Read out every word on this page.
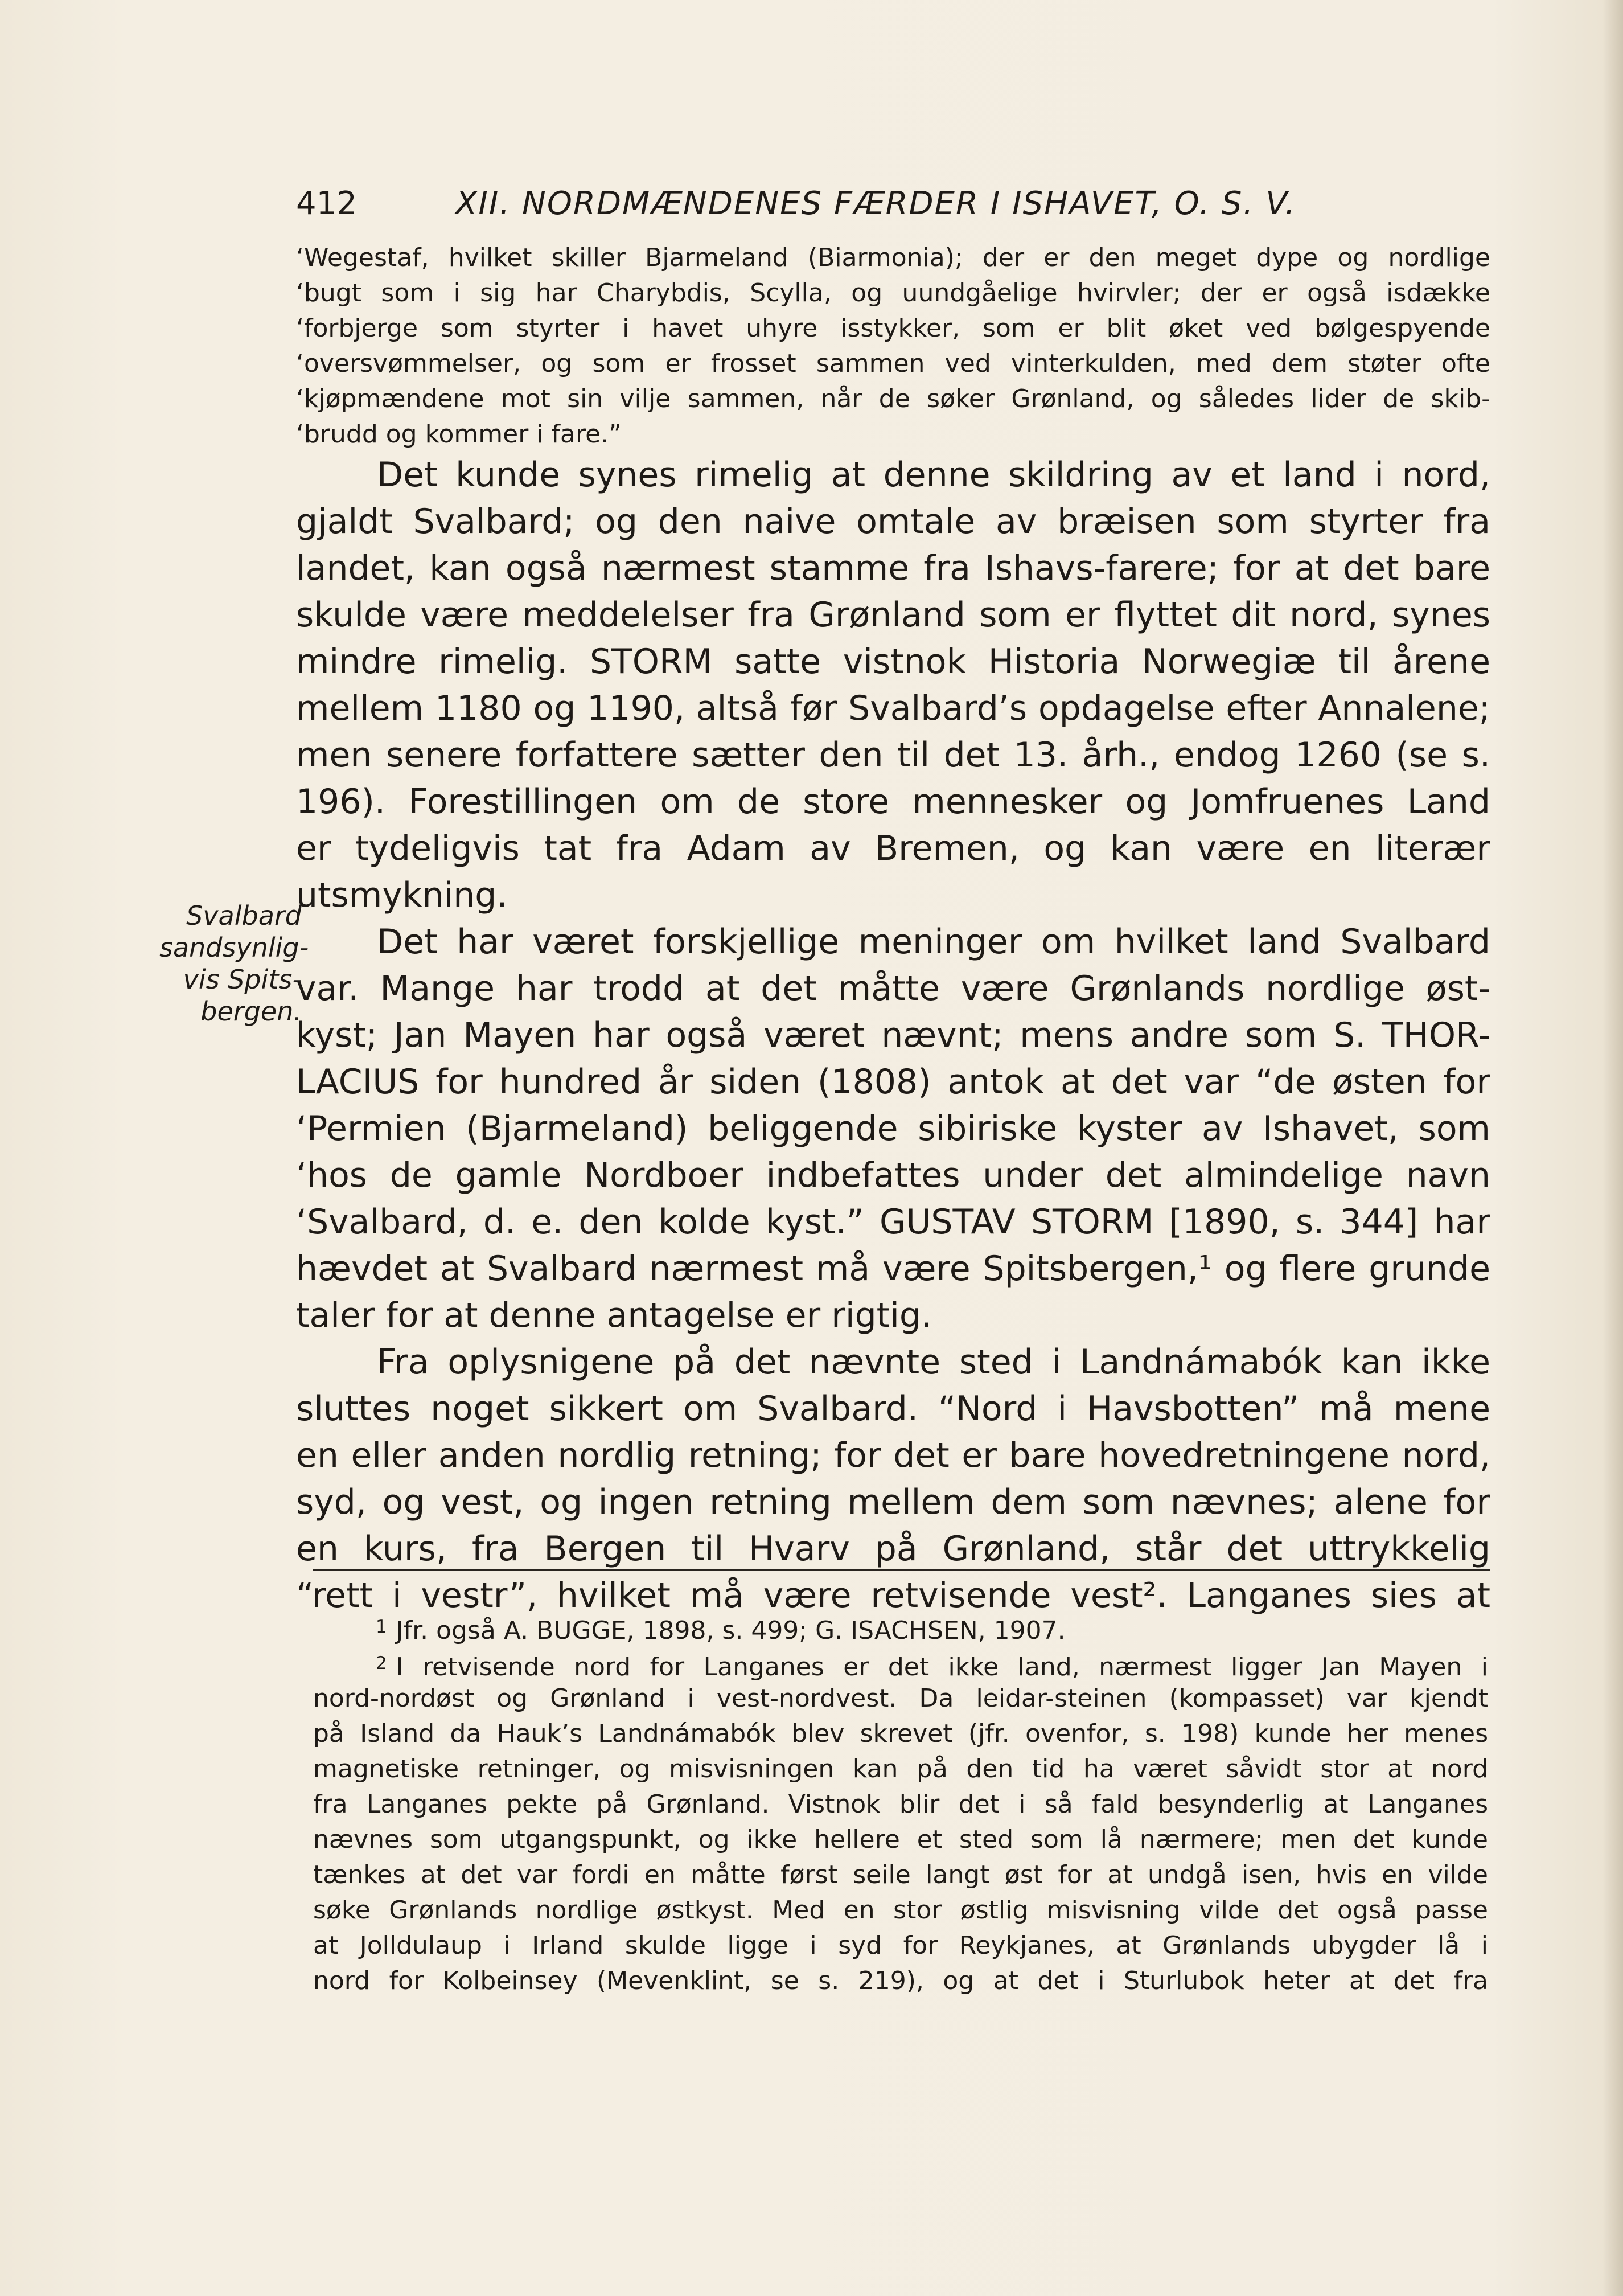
412	XII. NORDMÆNDENES FÆRDER I ISHAVET, O. S. V.
‘Wegestaf, hvilket skiller Bjarmeland (Biarmonia); der er den meget dype og nordlige
‘bugt som i sig har Charybdis, Scylla, og uundgåelige hvirvler; der er også isdække
‘forbjerge som styrter i havet uhyre isstykker, som er blit øket ved bølgespyende
‘oversvømmelser, og som er frosset sammen ved vinterkulden, med dem støter ofte
‘kjøpmændene mot sin vilje sammen, når de søker Grønland, og således lider de skib-
‘brudd og kommer i fare.”
Det kunde synes rimelig at denne skildring av et land i nord,
gjaldt Svalbard; og den naive omtale av bræisen som styrter fra
landet, kan også nærmest stamme fra Ishavs-farere; for at det bare
skulde være meddelelser fra Grønland som er flyttet dit nord, synes
mindre rimelig. STORM satte vistnok Historia Norwegiæ til årene
mellem 1180 og 1190, altså før Svalbard’s opdagelse efter Annalene;
men senere forfattere sætter den til det 13. årh., endog 1260 (se s.
196). Forestillingen om de store mennesker og Jomfruenes Land
er tydeligvis tat fra Adam av Bremen, og kan være en literær
utsmykning.
Det har været forskjellige meninger om hvilket land Svalbard
var. Mange har trodd at det måtte være Grønlands nordlige øst-
kyst; Jan Mayen har også været nævnt; mens andre som S. THOR-
LACIUS for hundred år siden (1808) antok at det var “de østen for
‘Permien (Bjarmeland) beliggende sibiriske kyster av Ishavet, som
‘hos de gamle Nordboer indbefattes under det almindelige navn
‘Svalbard, d. e. den kolde kyst.” GUSTAV STORM [1890, s. 344] har
hævdet at Svalbard nærmest må være Spitsbergen,¹ og flere grunde
taler for at denne antagelse er rigtig.
Fra oplysnigene på det nævnte sted i Landnámabók kan ikke
sluttes noget sikkert om Svalbard. “Nord i Havsbotten” må mene
en eller anden nordlig retning; for det er bare hovedretningene nord,
syd, og vest, og ingen retning mellem dem som nævnes; alene for
en kurs, fra Bergen til Hvarv på Grønland, står det uttrykkelig
“rett i vestr”, hvilket må være retvisende vest². Langanes sies at
Svalbard
sandsynlig-
vis Spits-
bergen.
$^1$ Jfr. også A. BUGGE, 1898, s. 499; G. ISACHSEN, 1907.
$^2$ I retvisende nord for Langanes er det ikke land, nærmest ligger Jan Mayen i
nord-nordøst og Grønland i vest-nordvest. Da leidar-steinen (kompasset) var kjendt
på Island da Hauk’s Landnámabók blev skrevet (jfr. ovenfor, s. 198) kunde her menes
magnetiske retninger, og misvisningen kan på den tid ha været såvidt stor at nord
fra Langanes pekte på Grønland. Vistnok blir det i så fald besynderlig at Langanes
nævnes som utgangspunkt, og ikke hellere et sted som lå nærmere; men det kunde
tænkes at det var fordi en måtte først seile langt øst for at undgå isen, hvis en vilde
søke Grønlands nordlige østkyst. Med en stor østlig misvisning vilde det også passe
at Jolldulaup i Irland skulde ligge i syd for Reykjanes, at Grønlands ubygder lå i
nord for Kolbeinsey (Mevenklint, se s. 219), og at det i Sturlubok heter at det fra
